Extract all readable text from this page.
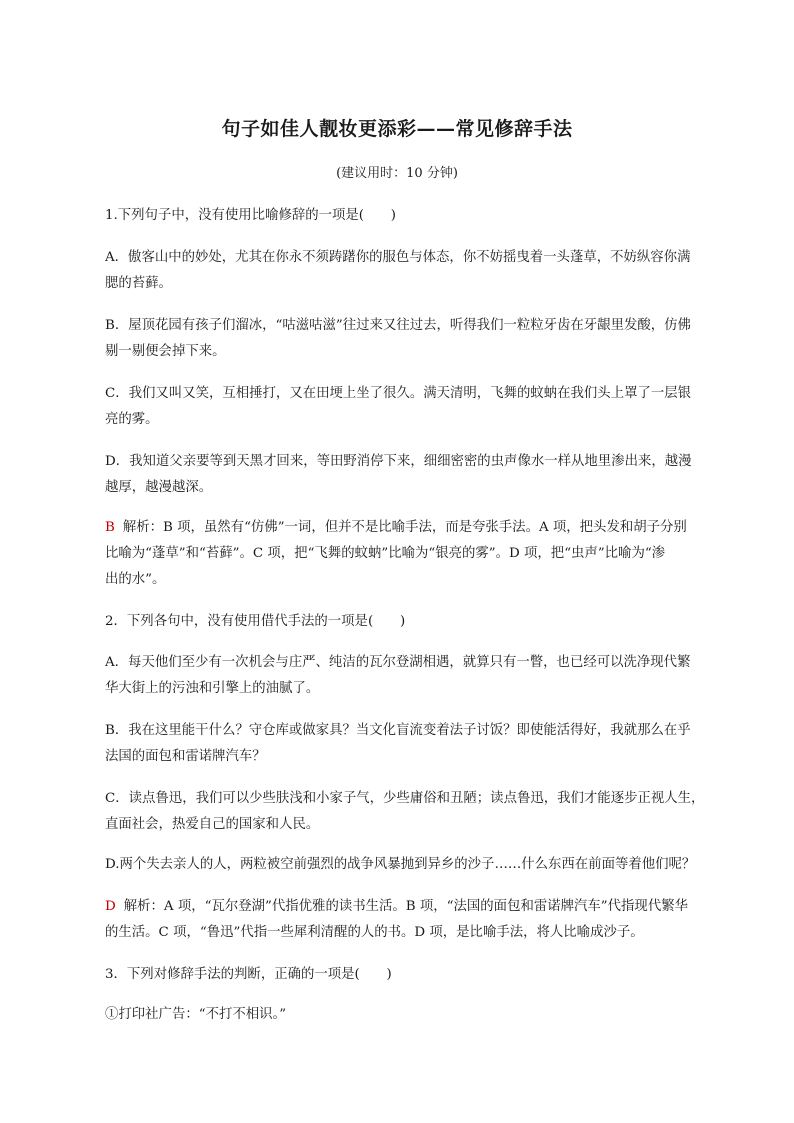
句子如佳人靓妆更添彩——常见修辞手法
(建议用时：10 分钟)
1.下列句子中，没有使用比喻修辞的一项是(　　)
A．傲客山中的妙处，尤其在你永不须踌躇你的服色与体态，你不妨摇曳着一头蓬草，不妨纵容你满
腮的苔藓。
B．屋顶花园有孩子们溜冰，“咕滋咕滋”往过来又往过去，听得我们一粒粒牙齿在牙龈里发酸，仿佛
剔一剔便会掉下来。
C．我们又叫又笑，互相捶打，又在田埂上坐了很久。满天清明，飞舞的蚊蚋在我们头上罩了一层银
亮的雾。
D．我知道父亲要等到天黑才回来，等田野消停下来，细细密密的虫声像水一样从地里渗出来，越漫
越厚，越漫越深。
B 解析：B 项，虽然有“仿佛”一词，但并不是比喻手法，而是夸张手法。A 项，把头发和胡子分别
比喻为“蓬草”和“苔藓”。C 项，把“飞舞的蚊蚋”比喻为“银亮的雾”。D 项，把“虫声”比喻为“渗
出的水”。
2．下列各句中，没有使用借代手法的一项是(　　)
A．每天他们至少有一次机会与庄严、纯洁的瓦尔登湖相遇，就算只有一瞥，也已经可以洗净现代繁
华大街上的污浊和引擎上的油腻了。
B．我在这里能干什么？守仓库或做家具？当文化盲流变着法子讨饭？即使能活得好，我就那么在乎
法国的面包和雷诺牌汽车？
C．读点鲁迅，我们可以少些肤浅和小家子气，少些庸俗和丑陋；读点鲁迅，我们才能逐步正视人生，
直面社会，热爱自己的国家和人民。
D.两个失去亲人的人，两粒被空前强烈的战争风暴抛到异乡的沙子……什么东西在前面等着他们呢？
D 解析：A 项，“瓦尔登湖”代指优雅的读书生活。B 项，“法国的面包和雷诺牌汽车”代指现代繁华
的生活。C 项，“鲁迅”代指一些犀利清醒的人的书。D 项，是比喻手法，将人比喻成沙子。
3．下列对修辞手法的判断，正确的一项是(　　)
①打印社广告：“不打不相识。”
